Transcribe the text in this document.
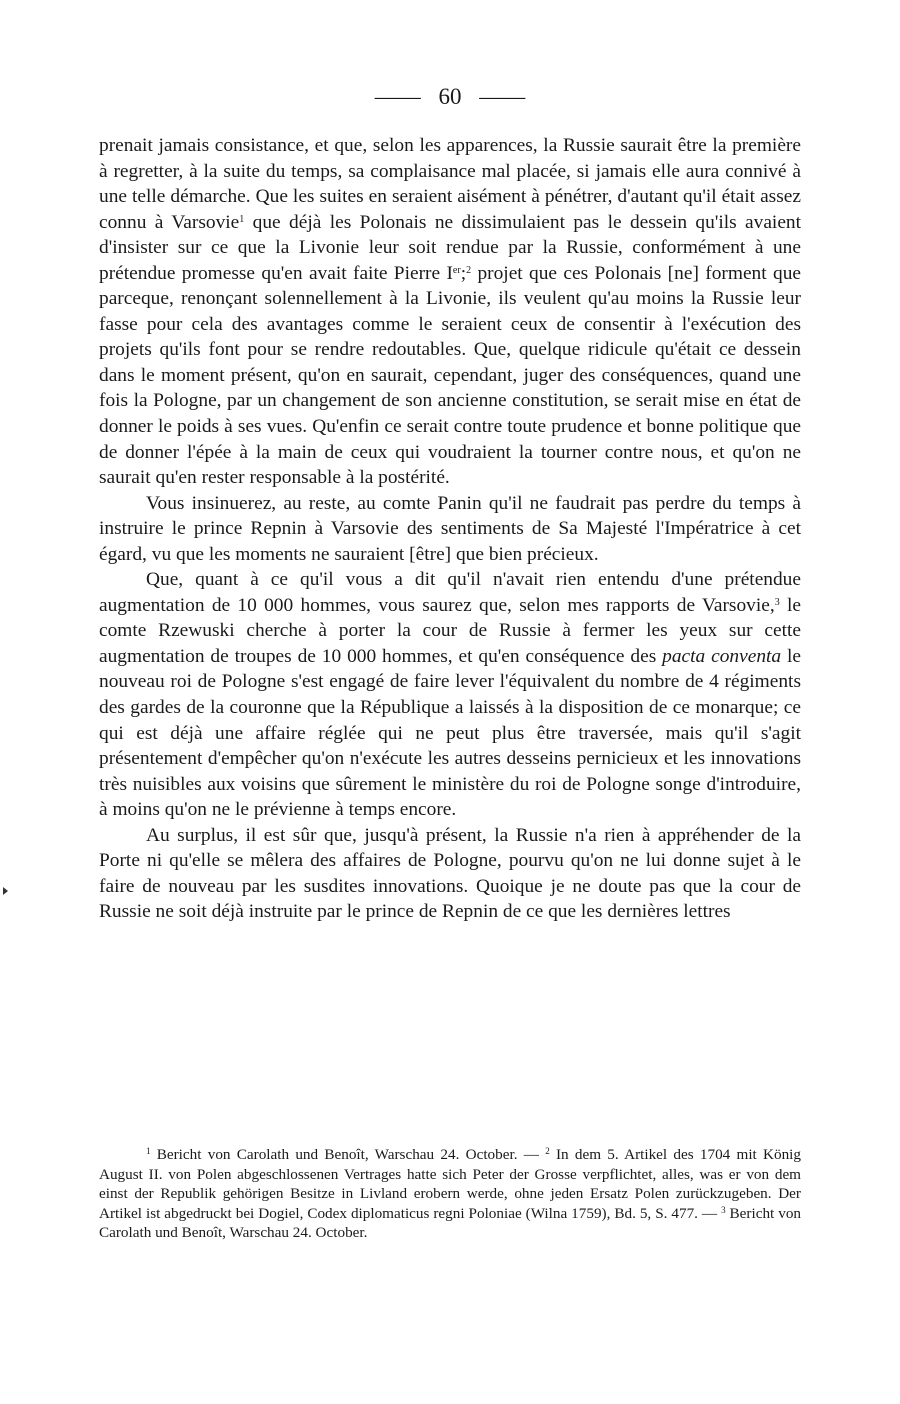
—— 60 ——

prenait jamais consistance, et que, selon les apparences, la Russie saurait être la première à regretter, à la suite du temps, sa complaisance mal placée, si jamais elle aura connivé à une telle démarche. Que les suites en seraient aisément à pénétrer, d'autant qu'il était assez connu à Varsovie$^1$ que déjà les Polonais ne dissimulaient pas le dessein qu'ils avaient d'insister sur ce que la Livonie leur soit rendue par la Russie, conformément à une prétendue promesse qu'en avait faite Pierre Ier;$^2$ projet que ces Polonais [ne] forment que parceque, renonçant solennellement à la Livonie, ils veulent qu'au moins la Russie leur fasse pour cela des avantages comme le seraient ceux de consentir à l'exécution des projets qu'ils font pour se rendre redoutables. Que, quelque ridicule qu'était ce dessein dans le moment présent, qu'on en saurait, cependant, juger des conséquences, quand une fois la Pologne, par un changement de son ancienne constitution, se serait mise en état de donner le poids à ses vues. Qu'enfin ce serait contre toute prudence et bonne politique que de donner l'épée à la main de ceux qui voudraient la tourner contre nous, et qu'on ne saurait qu'en rester responsable à la postérité.

Vous insinuerez, au reste, au comte Panin qu'il ne faudrait pas perdre du temps à instruire le prince Repnin à Varsovie des sentiments de Sa Majesté l'Impératrice à cet égard, vu que les moments ne sauraient [être] que bien précieux.

Que, quant à ce qu'il vous a dit qu'il n'avait rien entendu d'une prétendue augmentation de 10 000 hommes, vous saurez que, selon mes rapports de Varsovie,$^3$ le comte Rzewuski cherche à porter la cour de Russie à fermer les yeux sur cette augmentation de troupes de 10 000 hommes, et qu'en conséquence des pacta conventa le nouveau roi de Pologne s'est engagé de faire lever l'équivalent du nombre de 4 régiments des gardes de la couronne que la République a laissés à la disposition de ce monarque; ce qui est déjà une affaire réglée qui ne peut plus être traversée, mais qu'il s'agit présentement d'empêcher qu'on n'exécute les autres desseins pernicieux et les innovations très nuisibles aux voisins que sûrement le ministère du roi de Pologne songe d'introduire, à moins qu'on ne le prévienne à temps encore.

Au surplus, il est sûr que, jusqu'à présent, la Russie n'a rien à appréhender de la Porte ni qu'elle se mêlera des affaires de Pologne, pourvu qu'on ne lui donne sujet à le faire de nouveau par les susdites innovations. Quoique je ne doute pas que la cour de Russie ne soit déjà instruite par le prince de Repnin de ce que les dernières lettres

$^1$ Bericht von Carolath und Benoît, Warschau 24. October. — $^2$ In dem 5. Artikel des 1704 mit König August II. von Polen abgeschlossenen Vertrages hatte sich Peter der Grosse verpflichtet, alles, was er von dem einst der Republik gehörigen Besitze in Livland erobern werde, ohne jeden Ersatz Polen zurückzugeben. Der Artikel ist abgedruckt bei Dogiel, Codex diplomaticus regni Poloniae (Wilna 1759), Bd. 5, S. 477. — $^3$ Bericht von Carolath und Benoît, Warschau 24. October.
